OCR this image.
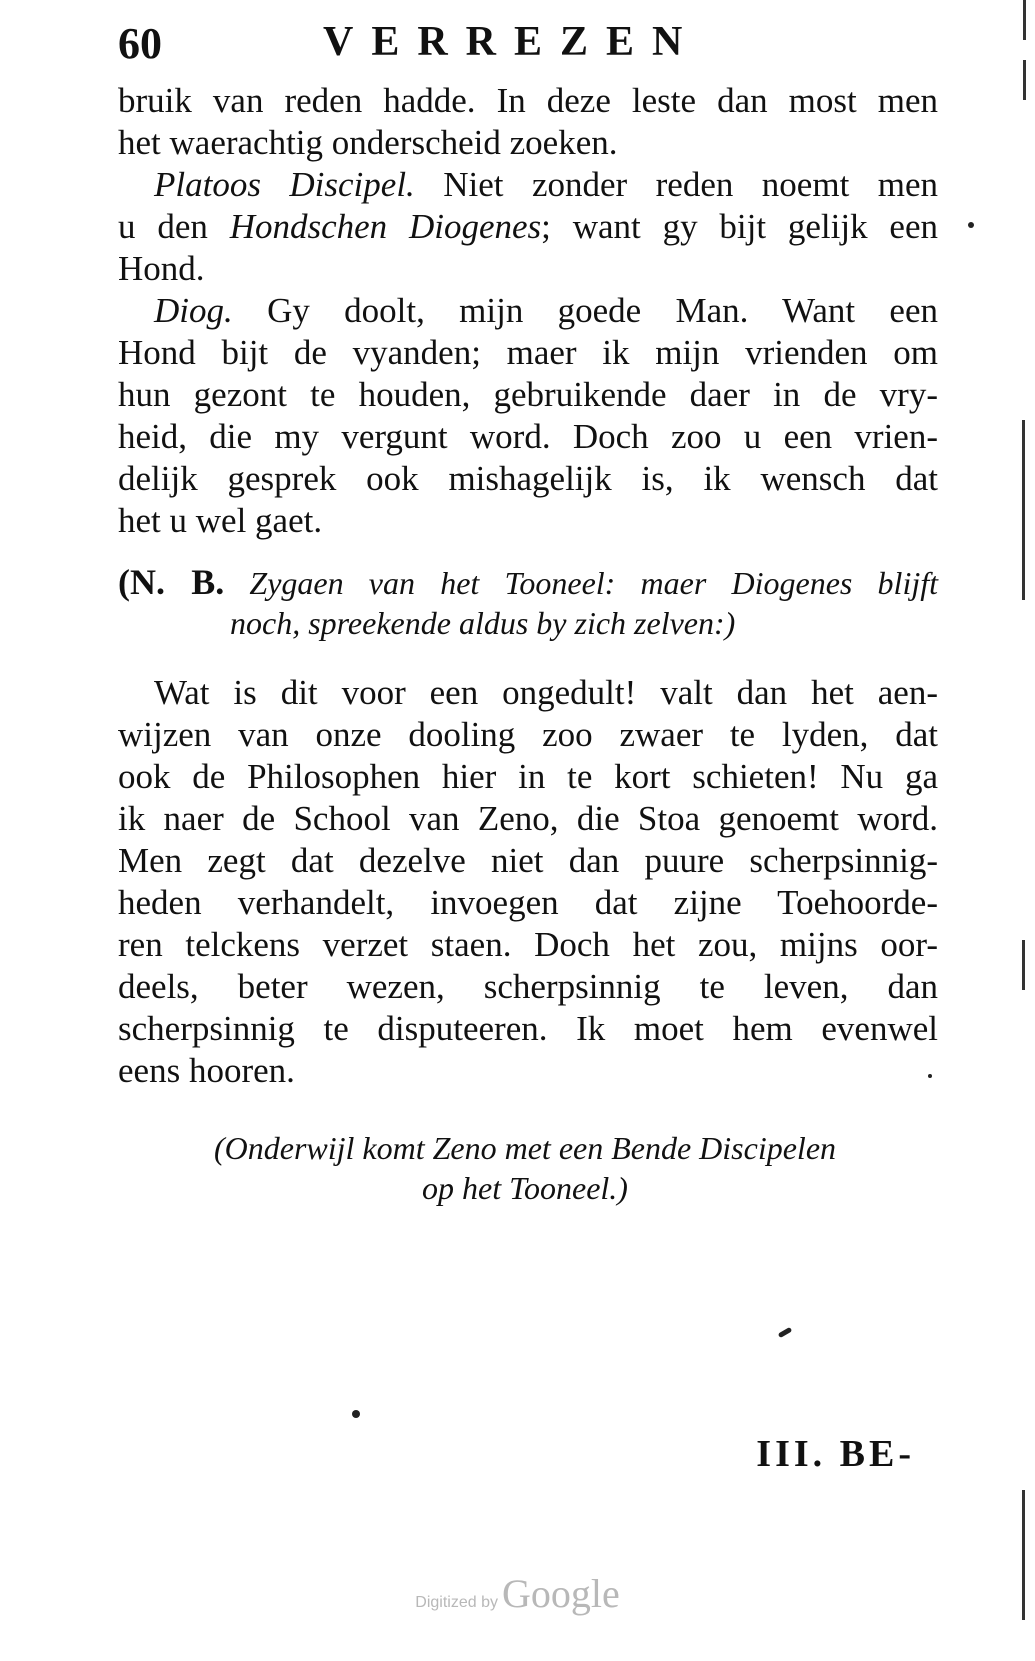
60	VERREZEN
bruik van reden hadde. In deze leste dan most men
het waerachtig onderscheid zoeken.
Platoos Discipel. Niet zonder reden noemt men
u den Hondschen Diogenes; want gy bijt gelijk een
Hond.
Diog. Gy doolt, mijn goede Man. Want een
Hond bijt de vyanden; maer ik mijn vrienden om
hun gezont te houden, gebruikende daer in de vry-
heid, die my vergunt word. Doch zoo u een vrien-
delijk gesprek ook mishagelijk is, ik wensch dat
het u wel gaet.
(N. B. Zygaen van het Tooneel: maer Diogenes blijft
noch, spreekende aldus by zich zelven:)
Wat is dit voor een ongedult! valt dan het aen-
wijzen van onze dooling zoo zwaer te lyden, dat
ook de Philosophen hier in te kort schieten! Nu ga
ik naer de School van Zeno, die Stoa genoemt word.
Men zegt dat dezelve niet dan puure scherpsinnig-
heden verhandelt, invoegen dat zijne Toehoorde-
ren telckens verzet staen. Doch het zou, mijns oor-
deels, beter wezen, scherpsinnig te leven, dan
scherpsinnig te disputeeren. Ik moet hem evenwel
eens hooren.
(Onderwijl komt Zeno met een Bende Discipelen
op het Tooneel.)
III. BE-
Digitized by Google
